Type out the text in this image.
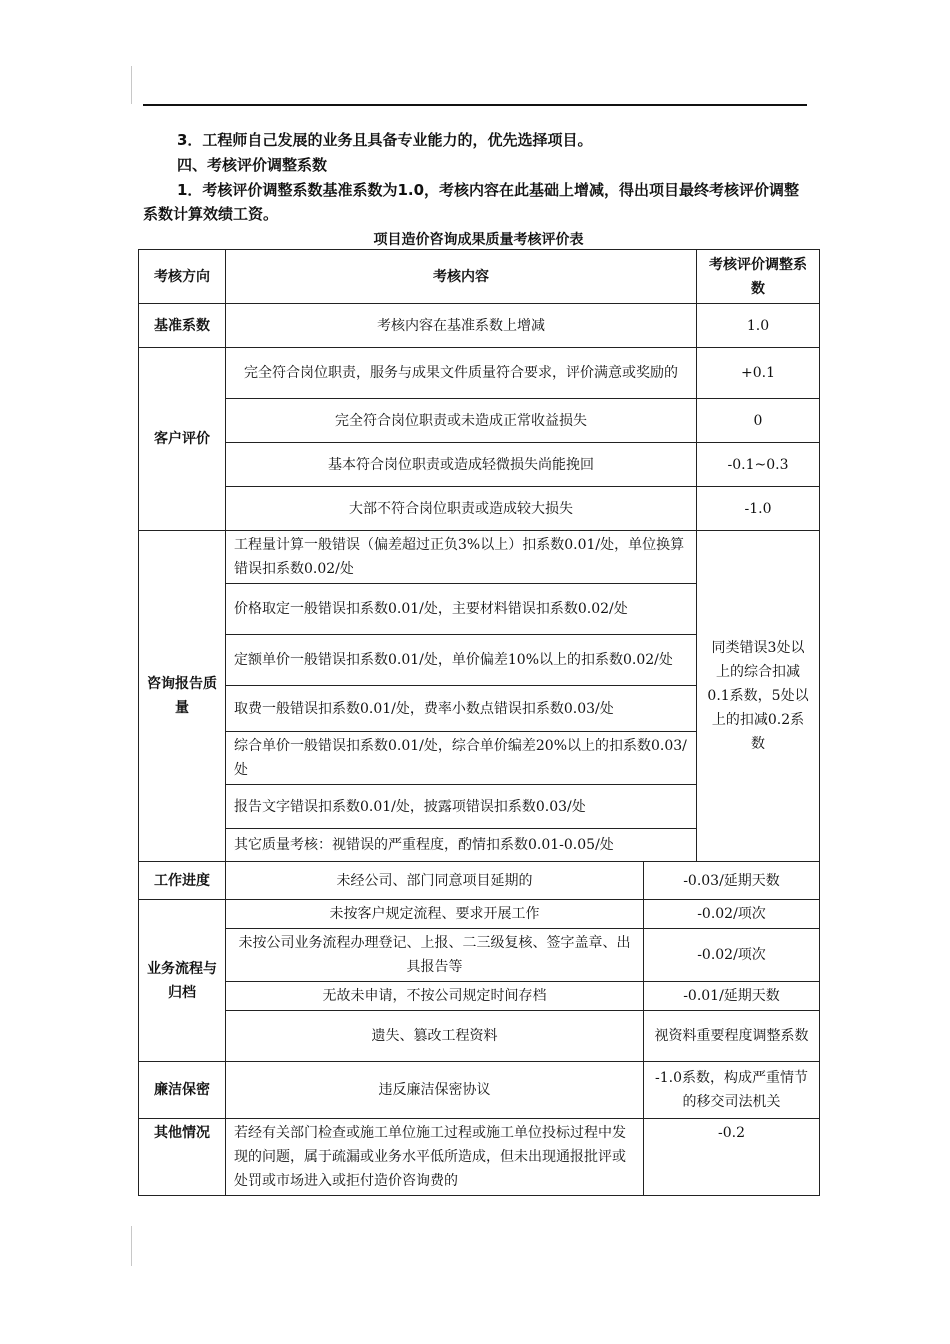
3．工程师自己发展的业务且具备专业能力的，优先选择项目。
四、考核评价调整系数
1．考核评价调整系数基准系数为1.0，考核内容在此基础上增减，得出项目最终考核评价调整系数计算效绩工资。
项目造价咨询成果质量考核评价表
考核方向	考核内容		考核评价调整系数
基准系数	考核内容在基准系数上增减		1.0
客户评价	完全符合岗位职责，服务与成果文件质量符合要求，评价满意或奖励的		+0.1
	完全符合岗位职责或未造成正常收益损失		0
	基本符合岗位职责或造成轻微损失尚能挽回		-0.1~0.3
	大部不符合岗位职责或造成较大损失		-1.0
咨询报告质量	工程量计算一般错误（偏差超过正负3%以上）扣系数0.01/处，单位换算错误扣系数0.02/处		同类错误3处以上的综合扣减0.1系数，5处以上的扣减0.2系数
	价格取定一般错误扣系数0.01/处，主要材料错误扣系数0.02/处		
	定额单价一般错误扣系数0.01/处，单价偏差10%以上的扣系数0.02/处		
	取费一般错误扣系数0.01/处，费率小数点错误扣系数0.03/处		
	综合单价一般错误扣系数0.01/处，综合单价编差20%以上的扣系数0.03/处		
	报告文字错误扣系数0.01/处，披露项错误扣系数0.03/处		
	其它质量考核：视错误的严重程度，酌情扣系数0.01-0.05/处		
工作进度	未经公司、部门同意项目延期的	-0.03/延期天数	
业务流程与归档	未按客户规定流程、要求开展工作	-0.02/项次	
	未按公司业务流程办理登记、上报、二三级复核、签字盖章、出具报告等	-0.02/项次	
	无故未申请，不按公司规定时间存档	-0.01/延期天数	
	遗失、篡改工程资料	视资料重要程度调整系数	
廉洁保密	违反廉洁保密协议	-1.0系数，构成严重情节的移交司法机关	
其他情况	若经有关部门检查或施工单位施工过程或施工单位投标过程中发现的问题，属于疏漏或业务水平低所造成，但未出现通报批评或处罚或市场进入或拒付造价咨询费的	-0.2	
